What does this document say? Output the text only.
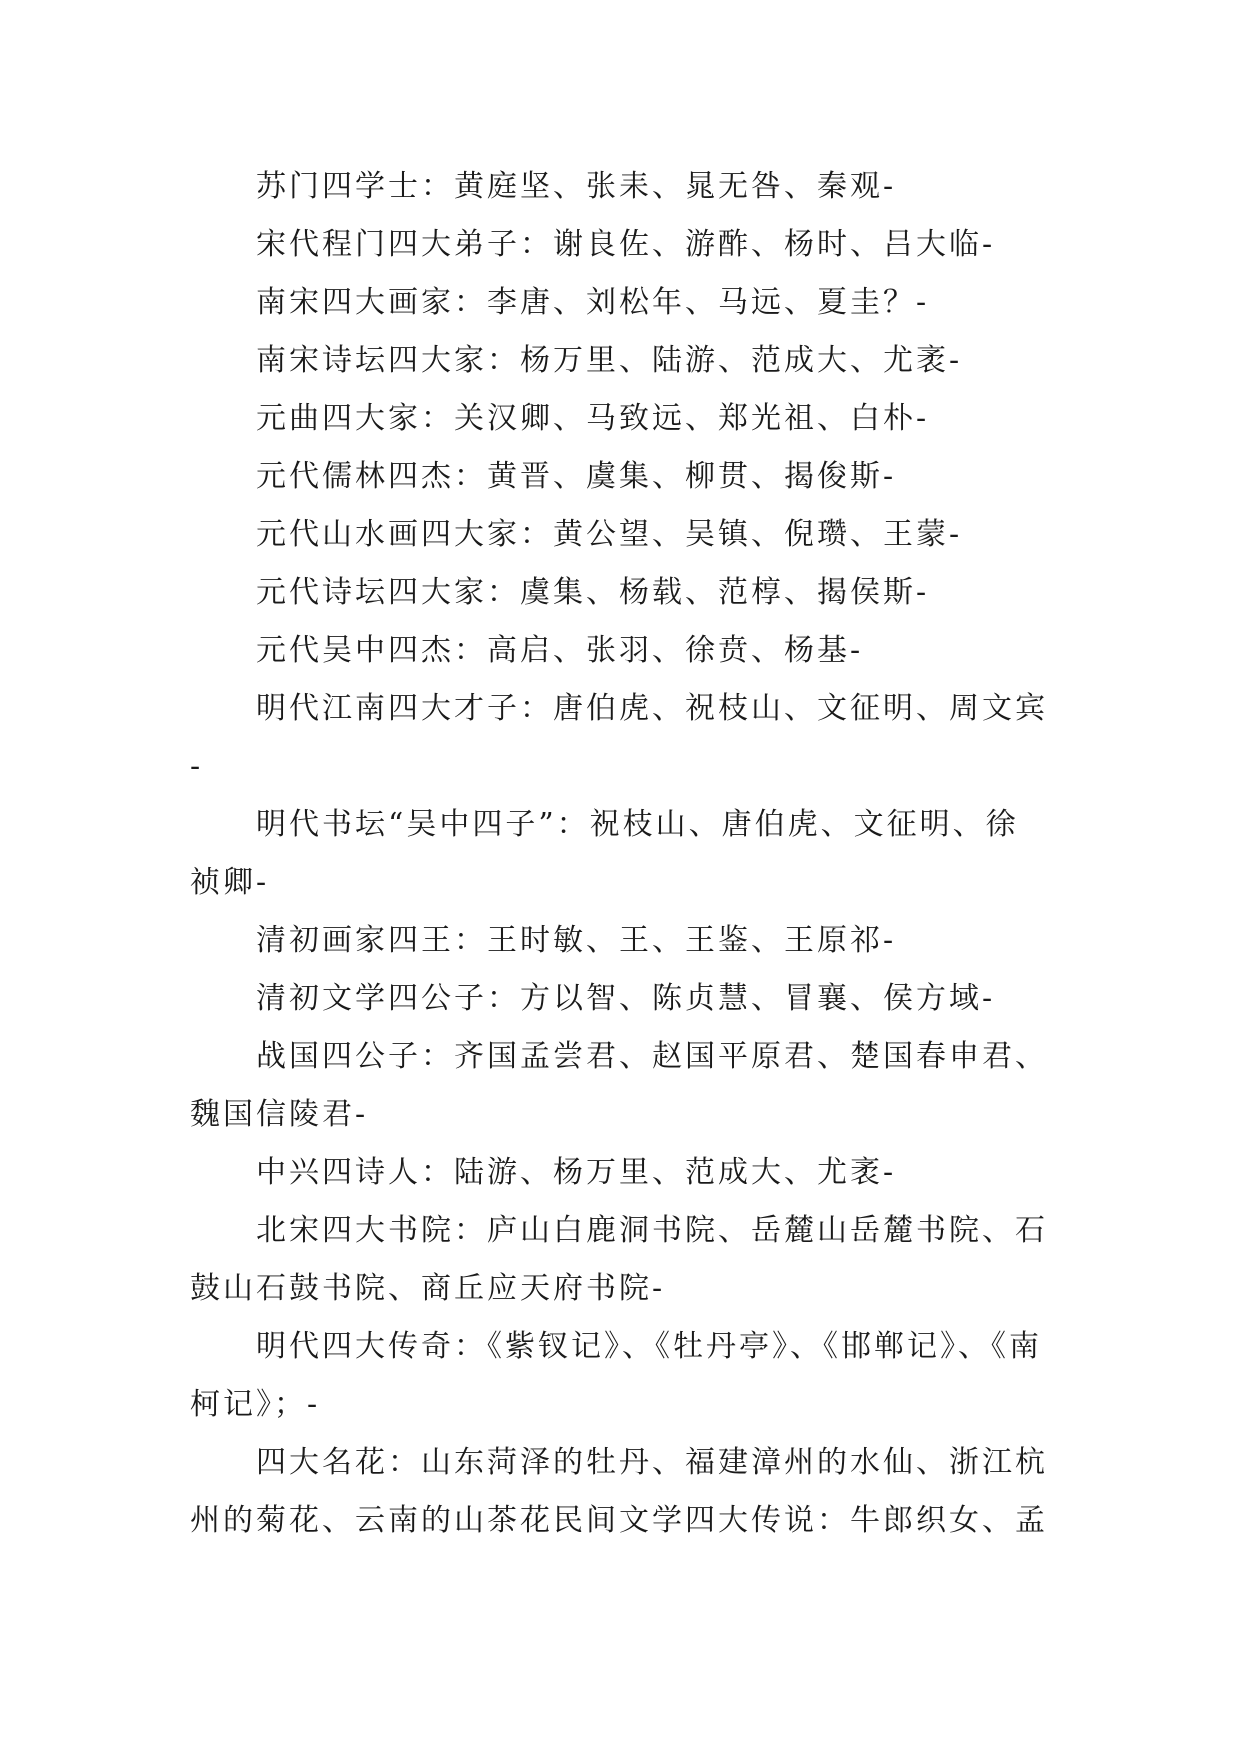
苏门四学士：黄庭坚、张耒、晁无咎、秦观-
宋代程门四大弟子：谢良佐、游酢、杨时、吕大临-
南宋四大画家：李唐、刘松年、马远、夏圭？-
南宋诗坛四大家：杨万里、陆游、范成大、尤袤-
元曲四大家：关汉卿、马致远、郑光祖、白朴-
元代儒林四杰：黄晋、虞集、柳贯、揭俊斯-
元代山水画四大家：黄公望、吴镇、倪瓒、王蒙-
元代诗坛四大家：虞集、杨载、范椁、揭侯斯-
元代吴中四杰：高启、张羽、徐贲、杨基-
明代江南四大才子：唐伯虎、祝枝山、文征明、周文宾
-
明代书坛“吴中四子”：祝枝山、唐伯虎、文征明、徐
祯卿-
清初画家四王：王时敏、王、王鉴、王原祁-
清初文学四公子：方以智、陈贞慧、冒襄、侯方域-
战国四公子：齐国孟尝君、赵国平原君、楚国春申君、
魏国信陵君-
中兴四诗人：陆游、杨万里、范成大、尤袤-
北宋四大书院：庐山白鹿洞书院、岳麓山岳麓书院、石
鼓山石鼓书院、商丘应天府书院-
明代四大传奇：《紫钗记》、《牡丹亭》、《邯郸记》、《南
柯记》；-
四大名花：山东菏泽的牡丹、福建漳州的水仙、浙江杭
州的菊花、云南的山茶花民间文学四大传说：牛郎织女、孟
